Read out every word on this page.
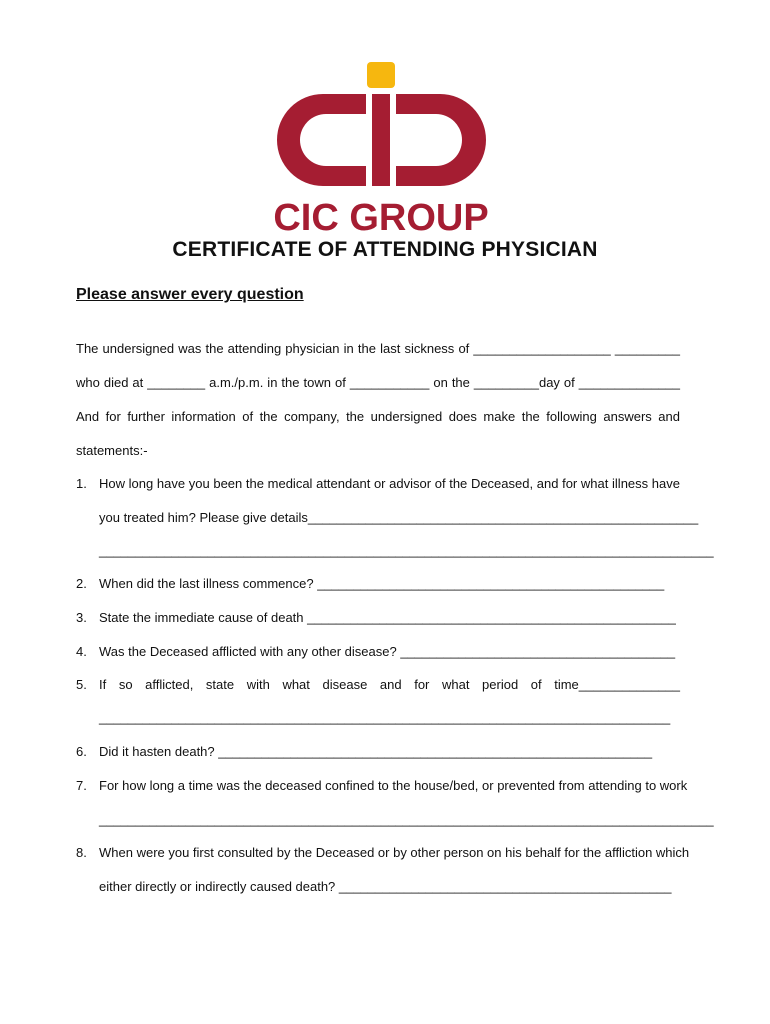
CIC GROUP
CERTIFICATE OF ATTENDING PHYSICIAN
Please answer every question
The undersigned was the attending physician in the last sickness of ___________________ _________
who died at ________ a.m./p.m. in the town of ___________ on the _________day of ______________
And for further information of the company, the undersigned does make the following answers and
statements:-
1. How long have you been the medical attendant or advisor of the Deceased, and for what illness have
you treated him? Please give details______________________________________________________
_____________________________________________________________________________________
2. When did the last illness commence? ________________________________________________
3. State the immediate cause of death ___________________________________________________
4. Was the Deceased afflicted with any other disease? ______________________________________
5. If so afflicted, state with what disease and for what period of time______________
_______________________________________________________________________________
6. Did it hasten death? ____________________________________________________________
7. For how long a time was the deceased confined to the house/bed, or prevented from attending to work
_____________________________________________________________________________________
8. When were you first consulted by the Deceased or by other person on his behalf for the affliction which
either directly or indirectly caused death? ______________________________________________
